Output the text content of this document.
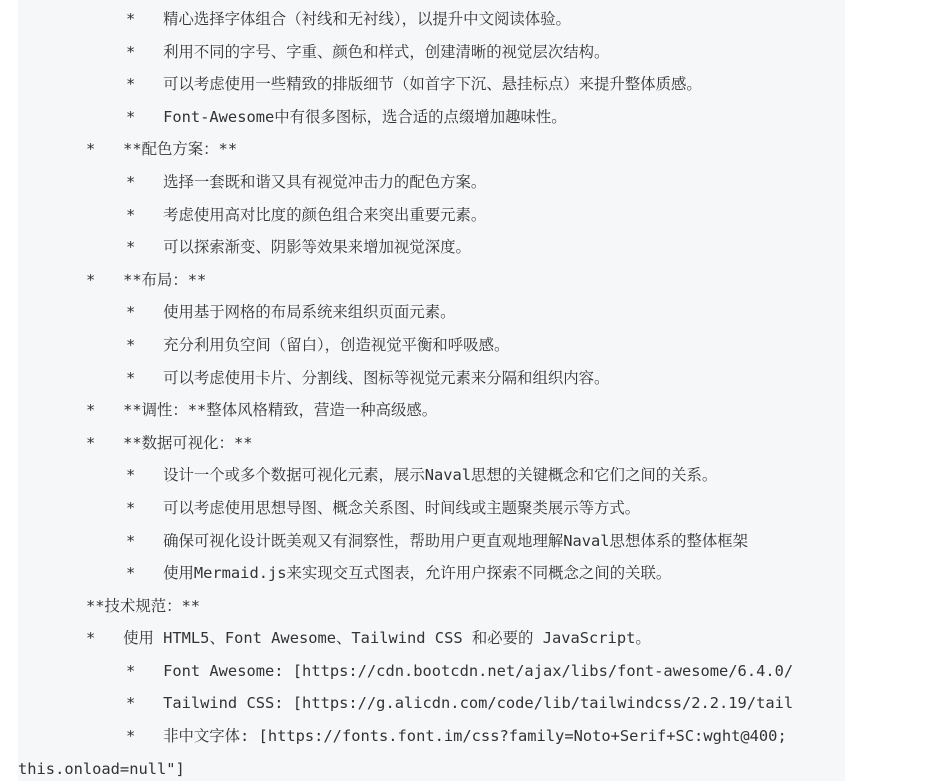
*   精心选择字体组合（衬线和无衬线），以提升中文阅读体验。
*   利用不同的字号、字重、颜色和样式，创建清晰的视觉层次结构。
*   可以考虑使用一些精致的排版细节（如首字下沉、悬挂标点）来提升整体质感。
*   Font-Awesome中有很多图标，选合适的点缀增加趣味性。
*   **配色方案：**
*   选择一套既和谐又具有视觉冲击力的配色方案。
*   考虑使用高对比度的颜色组合来突出重要元素。
*   可以探索渐变、阴影等效果来增加视觉深度。
*   **布局：**
*   使用基于网格的布局系统来组织页面元素。
*   充分利用负空间（留白），创造视觉平衡和呼吸感。
*   可以考虑使用卡片、分割线、图标等视觉元素来分隔和组织内容。
*   **调性：**整体风格精致，营造一种高级感。
*   **数据可视化：**
*   设计一个或多个数据可视化元素，展示Naval思想的关键概念和它们之间的关系。
*   可以考虑使用思想导图、概念关系图、时间线或主题聚类展示等方式。
*   确保可视化设计既美观又有洞察性，帮助用户更直观地理解Naval思想体系的整体框架
*   使用Mermaid.js来实现交互式图表，允许用户探索不同概念之间的关联。
**技术规范：**
*   使用 HTML5、Font Awesome、Tailwind CSS 和必要的 JavaScript。
*   Font Awesome: [https://cdn.bootcdn.net/ajax/libs/font-awesome/6.4.0/
*   Tailwind CSS: [https://g.alicdn.com/code/lib/tailwindcss/2.2.19/tail
*   非中文字体: [https://fonts.font.im/css?family=Noto+Serif+SC:wght@400;
this.onload=null"]
